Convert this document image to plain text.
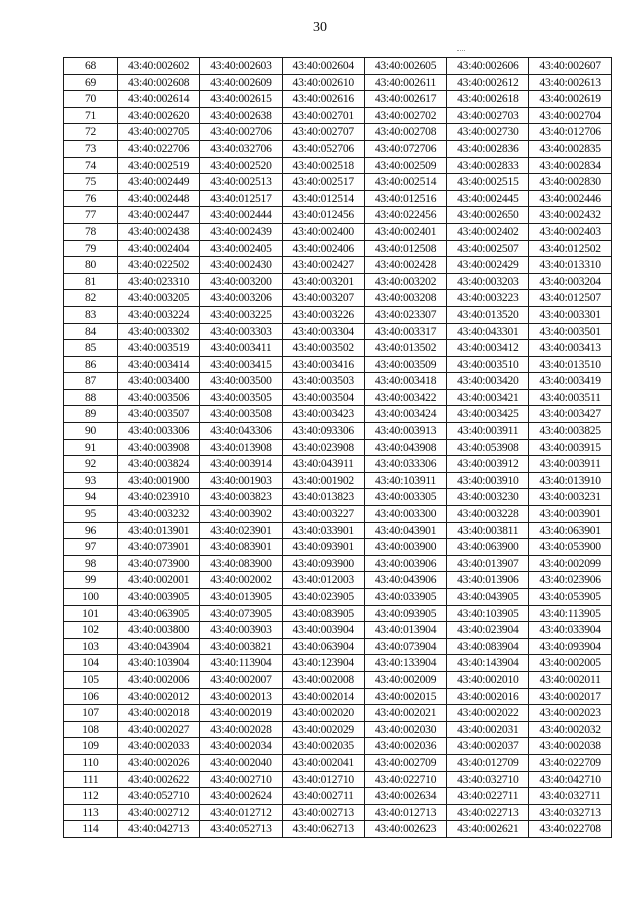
30
68	43:40:002602	43:40:002603	43:40:002604	43:40:002605	43:40:002606	43:40:002607
69	43:40:002608	43:40:002609	43:40:002610	43:40:002611	43:40:002612	43:40:002613
70	43:40:002614	43:40:002615	43:40:002616	43:40:002617	43:40:002618	43:40:002619
71	43:40:002620	43:40:002638	43:40:002701	43:40:002702	43:40:002703	43:40:002704
72	43:40:002705	43:40:002706	43:40:002707	43:40:002708	43:40:002730	43:40:012706
73	43:40:022706	43:40:032706	43:40:052706	43:40:072706	43:40:002836	43:40:002835
74	43:40:002519	43:40:002520	43:40:002518	43:40:002509	43:40:002833	43:40:002834
75	43:40:002449	43:40:002513	43:40:002517	43:40:002514	43:40:002515	43:40:002830
76	43:40:002448	43:40:012517	43:40:012514	43:40:012516	43:40:002445	43:40:002446
77	43:40:002447	43:40:002444	43:40:012456	43:40:022456	43:40:002650	43:40:002432
78	43:40:002438	43:40:002439	43:40:002400	43:40:002401	43:40:002402	43:40:002403
79	43:40:002404	43:40:002405	43:40:002406	43:40:012508	43:40:002507	43:40:012502
80	43:40:022502	43:40:002430	43:40:002427	43:40:002428	43:40:002429	43:40:013310
81	43:40:023310	43:40:003200	43:40:003201	43:40:003202	43:40:003203	43:40:003204
82	43:40:003205	43:40:003206	43:40:003207	43:40:003208	43:40:003223	43:40:012507
83	43:40:003224	43:40:003225	43:40:003226	43:40:023307	43:40:013520	43:40:003301
84	43:40:003302	43:40:003303	43:40:003304	43:40:003317	43:40:043301	43:40:003501
85	43:40:003519	43:40:003411	43:40:003502	43:40:013502	43:40:003412	43:40:003413
86	43:40:003414	43:40:003415	43:40:003416	43:40:003509	43:40:003510	43:40:013510
87	43:40:003400	43:40:003500	43:40:003503	43:40:003418	43:40:003420	43:40:003419
88	43:40:003506	43:40:003505	43:40:003504	43:40:003422	43:40:003421	43:40:003511
89	43:40:003507	43:40:003508	43:40:003423	43:40:003424	43:40:003425	43:40:003427
90	43:40:003306	43:40:043306	43:40:093306	43:40:003913	43:40:003911	43:40:003825
91	43:40:003908	43:40:013908	43:40:023908	43:40:043908	43:40:053908	43:40:003915
92	43:40:003824	43:40:003914	43:40:043911	43:40:033306	43:40:003912	43:40:003911
93	43:40:001900	43:40:001903	43:40:001902	43:40:103911	43:40:003910	43:40:013910
94	43:40:023910	43:40:003823	43:40:013823	43:40:003305	43:40:003230	43:40:003231
95	43:40:003232	43:40:003902	43:40:003227	43:40:003300	43:40:003228	43:40:003901
96	43:40:013901	43:40:023901	43:40:033901	43:40:043901	43:40:003811	43:40:063901
97	43:40:073901	43:40:083901	43:40:093901	43:40:003900	43:40:063900	43:40:053900
98	43:40:073900	43:40:083900	43:40:093900	43:40:003906	43:40:013907	43:40:002099
99	43:40:002001	43:40:002002	43:40:012003	43:40:043906	43:40:013906	43:40:023906
100	43:40:003905	43:40:013905	43:40:023905	43:40:033905	43:40:043905	43:40:053905
101	43:40:063905	43:40:073905	43:40:083905	43:40:093905	43:40:103905	43:40:113905
102	43:40:003800	43:40:003903	43:40:003904	43:40:013904	43:40:023904	43:40:033904
103	43:40:043904	43:40:003821	43:40:063904	43:40:073904	43:40:083904	43:40:093904
104	43:40:103904	43:40:113904	43:40:123904	43:40:133904	43:40:143904	43:40:002005
105	43:40:002006	43:40:002007	43:40:002008	43:40:002009	43:40:002010	43:40:002011
106	43:40:002012	43:40:002013	43:40:002014	43:40:002015	43:40:002016	43:40:002017
107	43:40:002018	43:40:002019	43:40:002020	43:40:002021	43:40:002022	43:40:002023
108	43:40:002027	43:40:002028	43:40:002029	43:40:002030	43:40:002031	43:40:002032
109	43:40:002033	43:40:002034	43:40:002035	43:40:002036	43:40:002037	43:40:002038
110	43:40:002026	43:40:002040	43:40:002041	43:40:002709	43:40:012709	43:40:022709
111	43:40:002622	43:40:002710	43:40:012710	43:40:022710	43:40:032710	43:40:042710
112	43:40:052710	43:40:002624	43:40:002711	43:40:002634	43:40:022711	43:40:032711
113	43:40:002712	43:40:012712	43:40:002713	43:40:012713	43:40:022713	43:40:032713
114	43:40:042713	43:40:052713	43:40:062713	43:40:002623	43:40:002621	43:40:022708
